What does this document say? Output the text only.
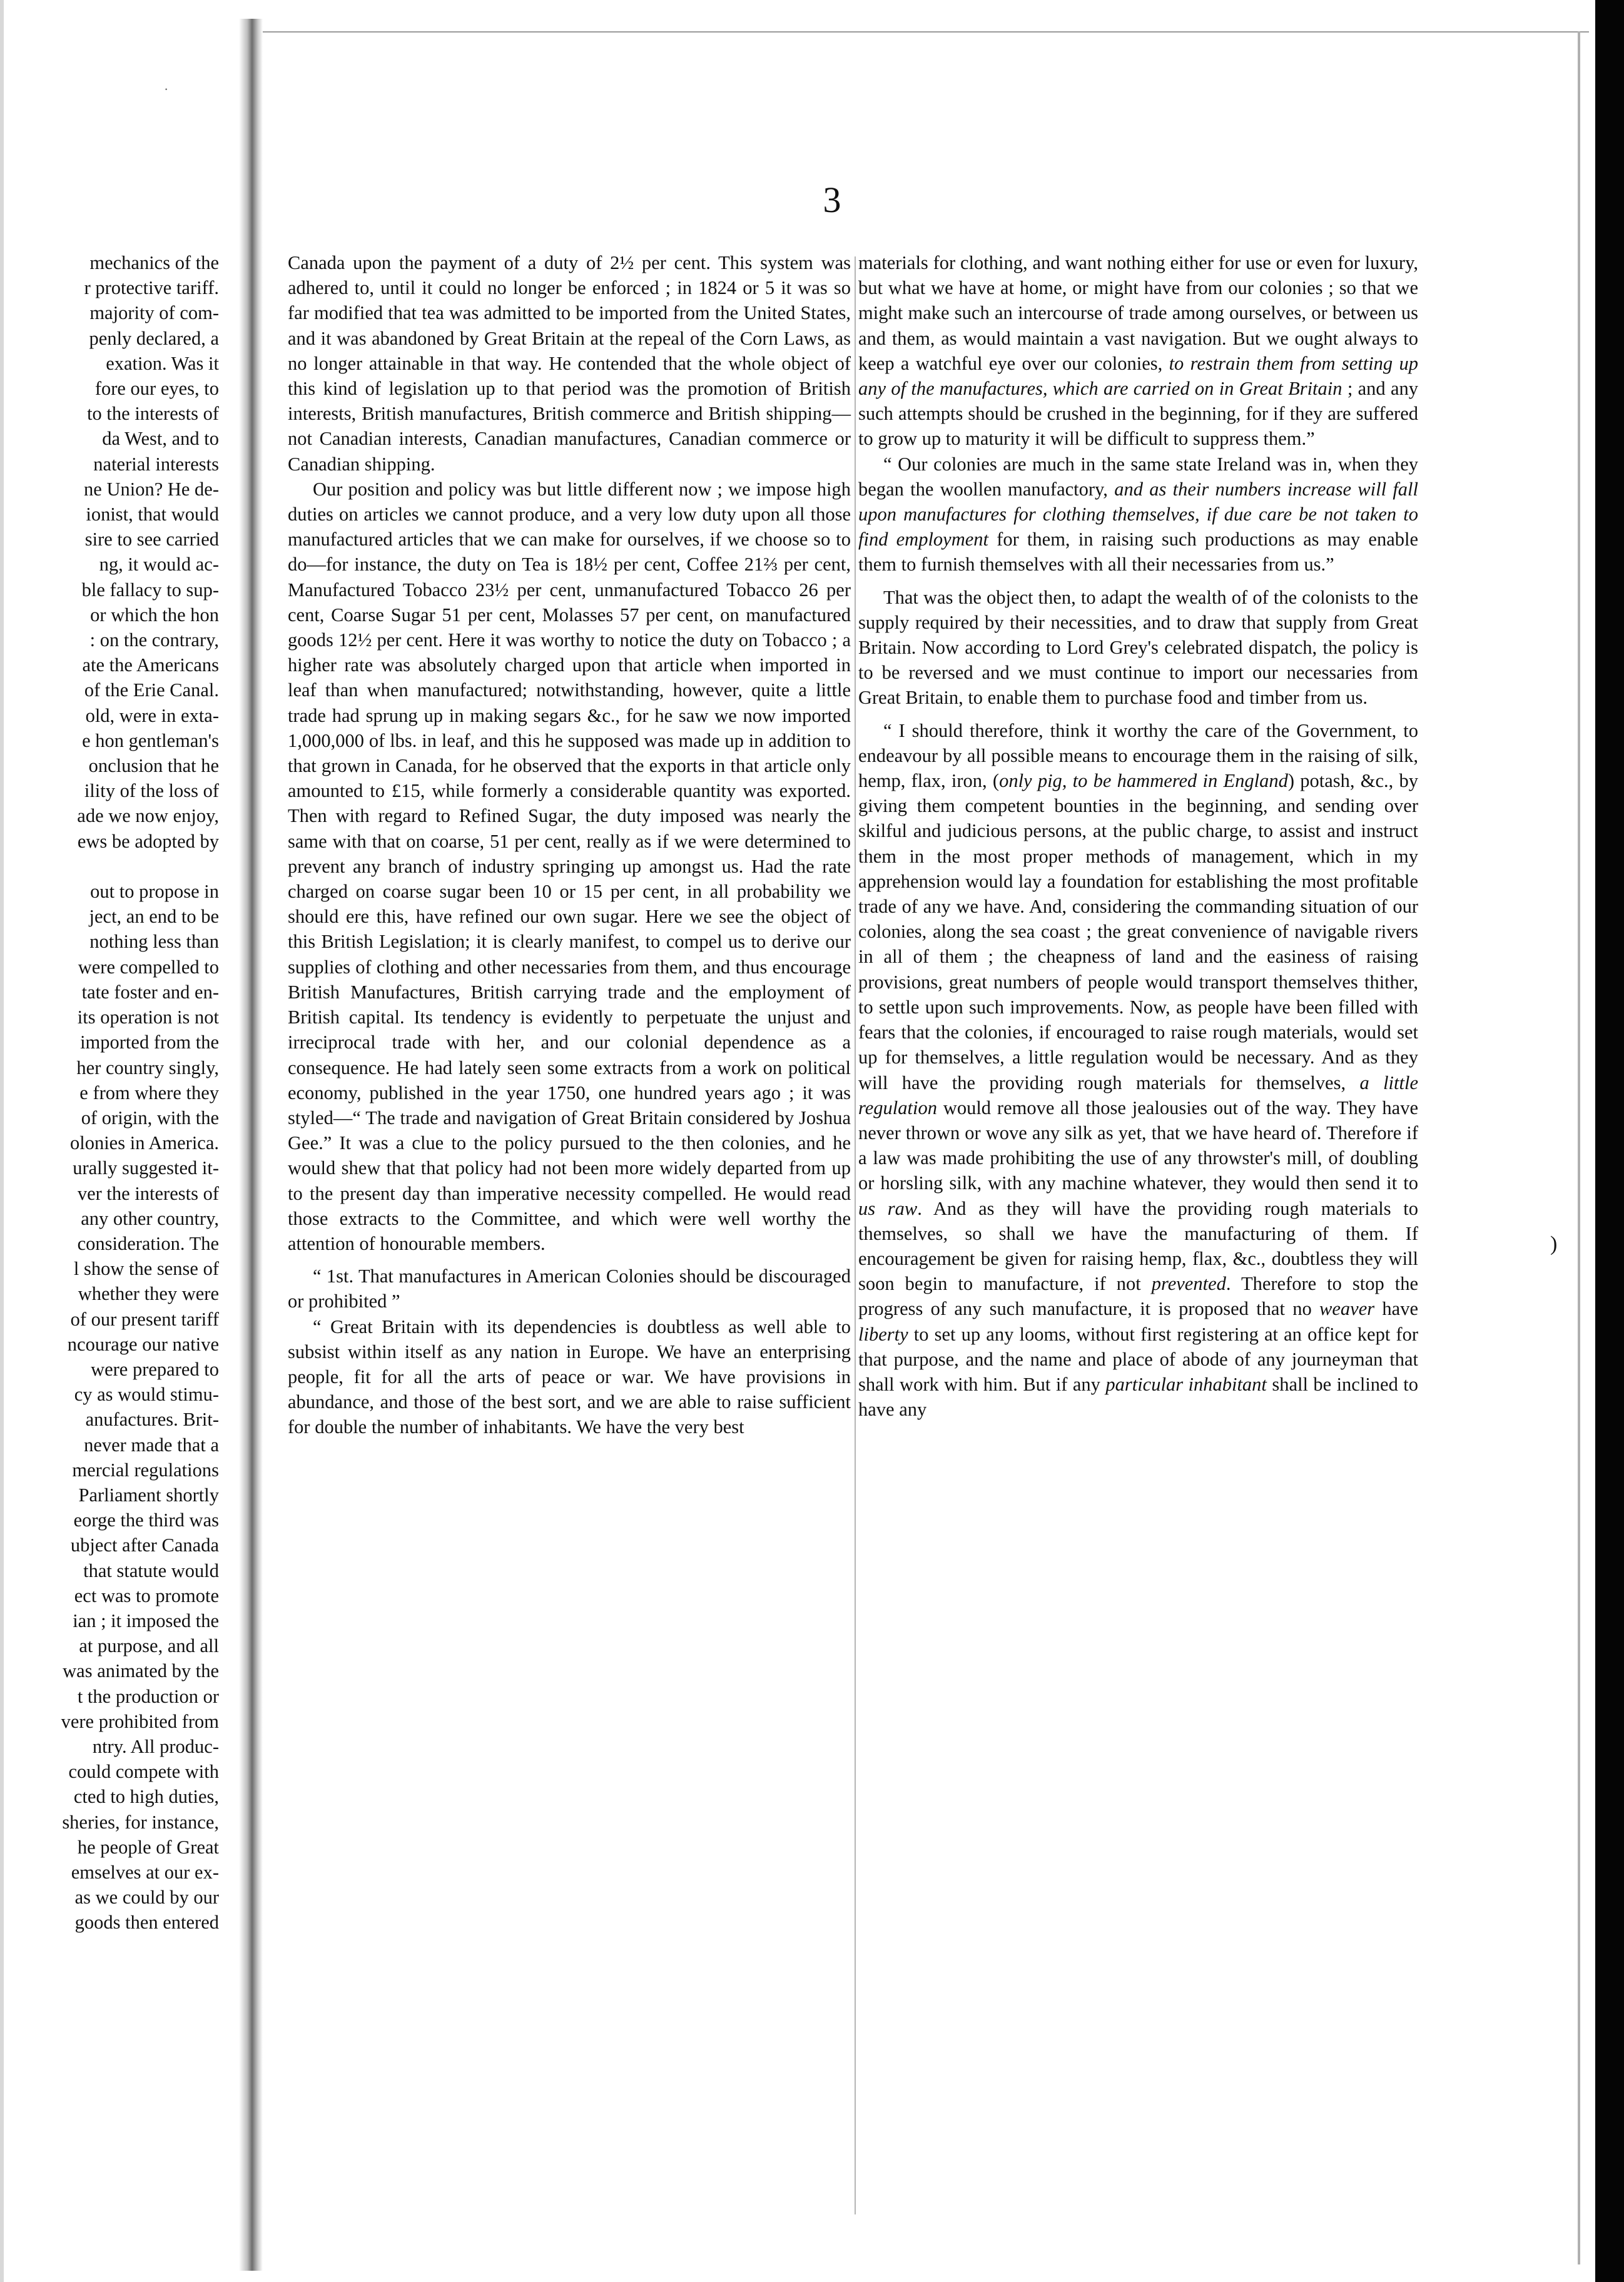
·

mechanics of the

r protective tariff.

majority of com-

penly declared, a

exation. Was it

fore our eyes, to

to the interests of

da West, and to

naterial interests

ne Union? He de-

ionist, that would

sire to see carried

ng, it would ac-

ble fallacy to sup-

or which the hon

: on the contrary,

ate the Americans

of the Erie Canal.

old, were in exta-

e hon gentleman's

onclusion that he

ility of the loss of

ade we now enjoy,

ews be adopted by

out to propose in

ject, an end to be

nothing less than

were compelled to

tate foster and en-

its operation is not

imported from the

her country singly,

e from where they

of origin, with the

olonies in America.

urally suggested it-

ver the interests of

any other country,

consideration. The

l show the sense of

whether they were

of our present tariff

ncourage our native

were prepared to

cy as would stimu-

anufactures. Brit-

never made that a

mercial regulations

Parliament shortly

eorge the third was

ubject after Canada

that statute would

ect was to promote

ian ; it imposed the

at purpose, and all

was animated by the

t the production or

vere prohibited from

ntry. All produc-

could compete with

cted to high duties,

sheries, for instance,

he people of Great

emselves at our ex-

as we could by our

goods then entered

3

Canada upon the payment of a duty of 2½ per cent. This system was adhered to, until it could no longer be enforced ; in 1824 or 5 it was so far modified that tea was admitted to be imported from the United States, and it was abandoned by Great Britain at the repeal of the Corn Laws, as no longer attainable in that way. He contended that the whole object of this kind of legislation up to that period was the promotion of British interests, British manufactures, British commerce and British shipping—not Canadian interests, Canadian manufactures, Canadian commerce or Canadian shipping.

Our position and policy was but little different now ; we impose high duties on articles we cannot produce, and a very low duty upon all those manufactured articles that we can make for ourselves, if we choose so to do—for instance, the duty on Tea is 18½ per cent, Coffee 21⅔ per cent, Manufactured Tobacco 23½ per cent, unmanufactured Tobacco 26 per cent, Coarse Sugar 51 per cent, Molasses 57 per cent, on manufactured goods 12½ per cent. Here it was worthy to notice the duty on Tobacco ; a higher rate was absolutely charged upon that article when imported in leaf than when manufactured; notwithstanding, however, quite a little trade had sprung up in making segars &c., for he saw we now imported 1,000,000 of lbs. in leaf, and this he supposed was made up in addition to that grown in Canada, for he observed that the exports in that article only amounted to £15, while formerly a considerable quantity was exported. Then with regard to Refined Sugar, the duty imposed was nearly the same with that on coarse, 51 per cent, really as if we were determined to prevent any branch of industry springing up amongst us. Had the rate charged on coarse sugar been 10 or 15 per cent, in all probability we should ere this, have refined our own sugar. Here we see the object of this British Legislation; it is clearly manifest, to compel us to derive our supplies of clothing and other necessaries from them, and thus encourage British Manufactures, British carrying trade and the employment of British capital. Its tendency is evidently to perpetuate the unjust and irreciprocal trade with her, and our colonial dependence as a consequence. He had lately seen some extracts from a work on political economy, published in the year 1750, one hundred years ago ; it was styled—“ The trade and navigation of Great Britain considered by Joshua Gee.” It was a clue to the policy pursued to the then colonies, and he would shew that that policy had not been more widely departed from up to the present day than imperative necessity compelled. He would read those extracts to the Committee, and which were well worthy the attention of honourable members.

“ 1st. That manufactures in American Colonies should be discouraged or prohibited ”

“ Great Britain with its dependencies is doubtless as well able to subsist within itself as any nation in Europe. We have an enterprising people, fit for all the arts of peace or war. We have provisions in abundance, and those of the best sort, and we are able to raise sufficient for double the number of inhabitants. We have the very best

materials for clothing, and want nothing either for use or even for luxury, but what we have at home, or might have from our colonies ; so that we might make such an intercourse of trade among ourselves, or between us and them, as would maintain a vast navigation. But we ought always to keep a watchful eye over our colonies, to restrain them from setting up any of the manufactures, which are carried on in Great Britain ; and any such attempts should be crushed in the beginning, for if they are suffered to grow up to maturity it will be difficult to suppress them.”

“ Our colonies are much in the same state Ireland was in, when they began the woollen manufactory, and as their numbers increase will fall upon manufactures for clothing themselves, if due care be not taken to find employment for them, in raising such productions as may enable them to furnish themselves with all their necessaries from us.”

That was the object then, to adapt the wealth of of the colonists to the supply required by their necessities, and to draw that supply from Great Britain. Now according to Lord Grey's celebrated dispatch, the policy is to be reversed and we must continue to import our necessaries from Great Britain, to enable them to purchase food and timber from us.

“ I should therefore, think it worthy the care of the Government, to endeavour by all possible means to encourage them in the raising of silk, hemp, flax, iron, (only pig, to be hammered in England) potash, &c., by giving them competent bounties in the beginning, and sending over skilful and judicious persons, at the public charge, to assist and instruct them in the most proper methods of management, which in my apprehension would lay a foundation for establishing the most profitable trade of any we have. And, considering the commanding situation of our colonies, along the sea coast ; the great convenience of navigable rivers in all of them ; the cheapness of land and the easiness of raising provisions, great numbers of people would transport themselves thither, to settle upon such improvements. Now, as people have been filled with fears that the colonies, if encouraged to raise rough materials, would set up for themselves, a little regulation would be necessary. And as they will have the providing rough materials for themselves, a little regulation would remove all those jealousies out of the way. They have never thrown or wove any silk as yet, that we have heard of. Therefore if a law was made prohibiting the use of any throwster's mill, of doubling or horsling silk, with any machine whatever, they would then send it to us raw. And as they will have the providing rough materials to themselves, so shall we have the manufacturing of them. If encouragement be given for raising hemp, flax, &c., doubtless they will soon begin to manufacture, if not prevented. Therefore to stop the progress of any such manufacture, it is proposed that no weaver have liberty to set up any looms, without first registering at an office kept for that purpose, and the name and place of abode of any journeyman that shall work with him. But if any particular inhabitant shall be inclined to have any

)
